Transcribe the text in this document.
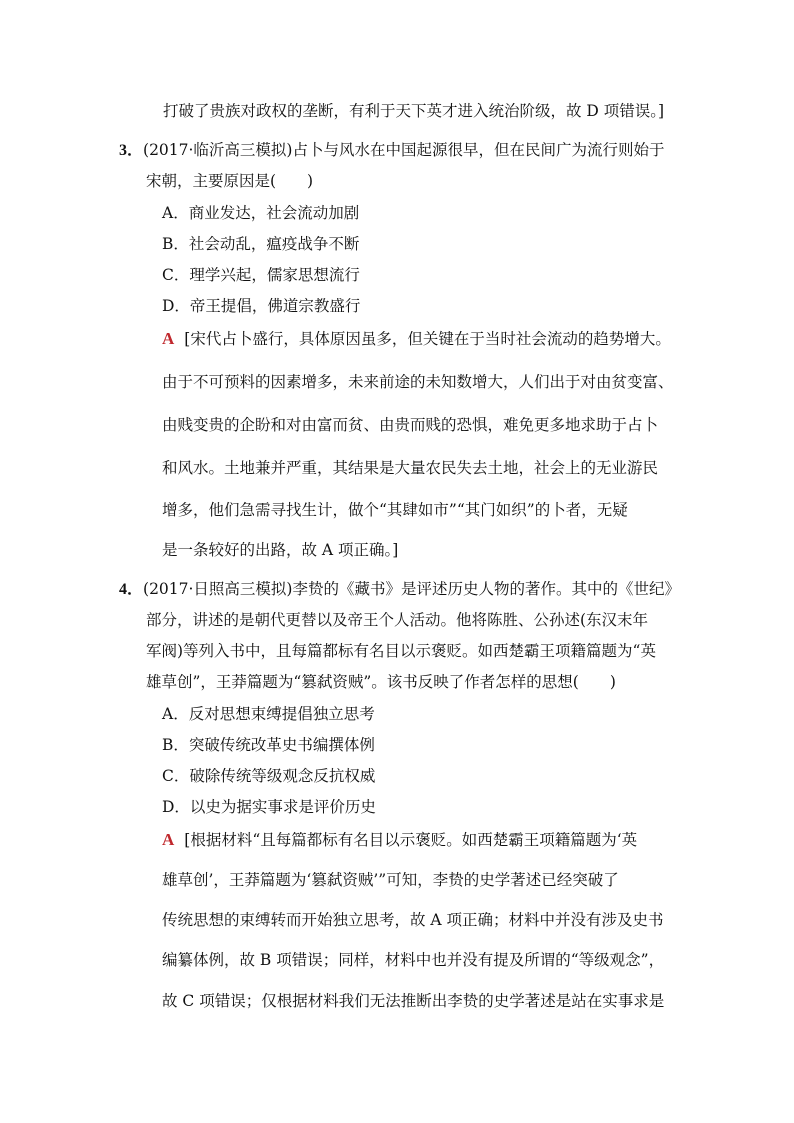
打破了贵族对政权的垄断，有利于天下英才进入统治阶级，故 D 项错误。]
3．(2017·临沂高三模拟)占卜与风水在中国起源很早，但在民间广为流行则始于
宋朝，主要原因是(　　)
A．商业发达，社会流动加剧
B．社会动乱，瘟疫战争不断
C．理学兴起，儒家思想流行
D．帝王提倡，佛道宗教盛行
A [宋代占卜盛行，具体原因虽多，但关键在于当时社会流动的趋势增大。
由于不可预料的因素增多，未来前途的未知数增大，人们出于对由贫变富、
由贱变贵的企盼和对由富而贫、由贵而贱的恐惧，难免更多地求助于占卜
和风水。土地兼并严重，其结果是大量农民失去土地，社会上的无业游民
增多，他们急需寻找生计，做个“其肆如市”“其门如织”的卜者，无疑
是一条较好的出路，故 A 项正确。]
4．(2017·日照高三模拟)李贽的《藏书》是评述历史人物的著作。其中的《世纪》
部分，讲述的是朝代更替以及帝王个人活动。他将陈胜、公孙述(东汉末年
军阀)等列入书中，且每篇都标有名目以示褒贬。如西楚霸王项籍篇题为“英
雄草创”，王莽篇题为“篡弑资贼”。该书反映了作者怎样的思想(　　)
A．反对思想束缚提倡独立思考
B．突破传统改革史书编撰体例
C．破除传统等级观念反抗权威
D．以史为据实事求是评价历史
A [根据材料“且每篇都标有名目以示褒贬。如西楚霸王项籍篇题为‘英
雄草创’，王莽篇题为‘篡弑资贼’”可知，李贽的史学著述已经突破了
传统思想的束缚转而开始独立思考，故 A 项正确；材料中并没有涉及史书
编纂体例，故 B 项错误；同样，材料中也并没有提及所谓的“等级观念”，
故 C 项错误；仅根据材料我们无法推断出李贽的史学著述是站在实事求是
